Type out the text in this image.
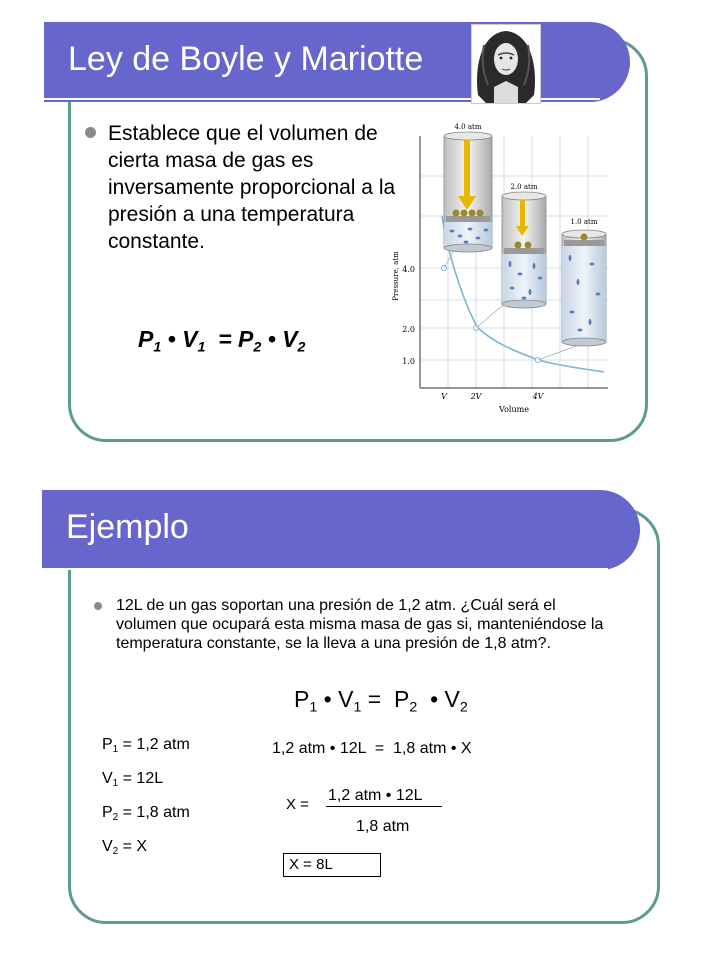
Ley de Boyle y Mariotte
Establece que el volumen de cierta masa de gas es inversamente proporcional a la presión a una temperatura constante.
$P_1$ • $V_1 = P_2$ • $V_2$
4.0
2.0
1.0
V	2V	4V
Volume
Pressure, atm
4.0 atm
2.0 atm
1.0 atm
Ejemplo
12L de un gas soportan una presión de 1,2 atm. ¿Cuál será el volumen que ocupará esta misma masa de gas si, manteniéndose la temperatura constante, se la lleva a una presión de 1,8 atm?.
$P_1$ • $V_1 = P_2$ • $V_2$
$P_1 = 1,2$ atm
$V_1 = 12L$
$P_2 = 1,8$ atm
$V_2 = X$
1,2 atm • 12L  =  1,8 atm • X
X =
1,2 atm • 12L
1,8 atm
X = 8L
